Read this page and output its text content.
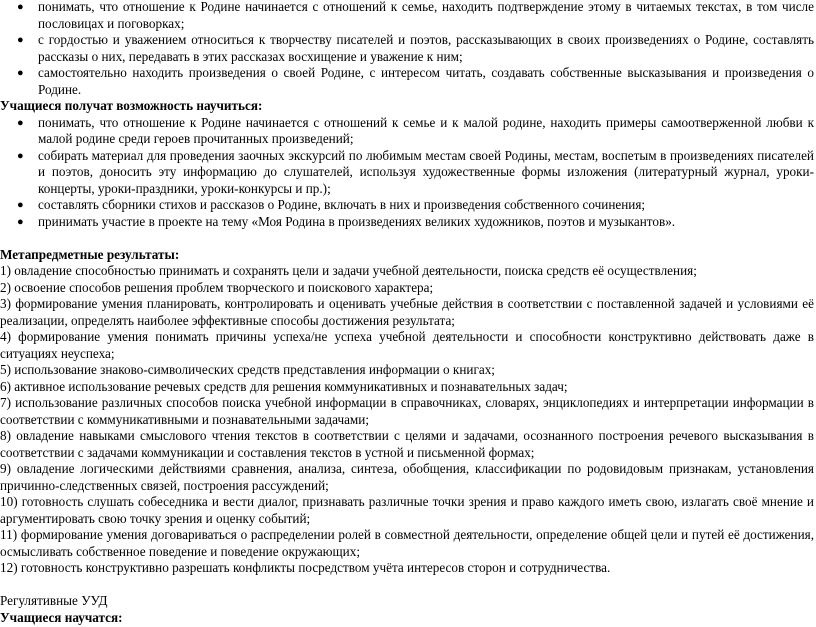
● понимать, что отношение к Родине начинается с отношений к семье, находить подтверждение этому в читаемых текстах, в том числе пословицах и поговорках;

● с гордостью и уважением относиться к творчеству писателей и поэтов, рассказывающих в своих произведениях о Родине, составлять рассказы о них, передавать в этих рассказах восхищение и уважение к ним;

● самостоятельно находить произведения о своей Родине, с интересом читать, создавать собственные высказывания и произведения о Родине.

Учащиеся получат возможность научиться:

● понимать, что отношение к Родине начинается с отношений к семье и к малой родине, находить примеры самоотверженной любви к малой родине среди героев прочитанных произведений;

● собирать материал для проведения заочных экскурсий по любимым местам своей Родины, местам, воспетым в произведениях писателей и поэтов, доносить эту информацию до слушателей, используя художественные формы изложения (литературный журнал, уроки-концерты, уроки-праздники, уроки-конкурсы и пр.);

● составлять сборники стихов и рассказов о Родине, включать в них и произведения собственного сочинения;

● принимать участие в проекте на тему «Моя Родина в произведениях великих художников, поэтов и музыкантов».

Метапредметные результаты:

1) овладение способностью принимать и сохранять цели и задачи учебной деятельности, поиска средств её осуществления;

2) освоение способов решения проблем творческого и поискового характера;

3) формирование умения планировать, контролировать и оценивать учебные действия в соответствии с поставленной задачей и условиями её реализации, определять наиболее эффективные способы достижения результата;

4) формирование умения понимать причины успеха/не успеха учебной деятельности и способности конструктивно действовать даже в ситуациях неуспеха;

5) использование знаково-символических средств представления информации о книгах;

6) активное использование речевых средств для решения коммуникативных и познавательных задач;

7) использование различных способов поиска учебной информации в справочниках, словарях, энциклопедиях и интерпретации информации в соответствии с коммуникативными и познавательными задачами;

8) овладение навыками смыслового чтения текстов в соответствии с целями и задачами, осознанного построения речевого высказывания в соответствии с задачами коммуникации и составления текстов в устной и письменной формах;

9) овладение логическими действиями сравнения, анализа, синтеза, обобщения, классификации по родовидовым признакам, установления причинно-следственных связей, построения рассуждений;

10) готовность слушать собеседника и вести диалог, признавать различные точки зрения и право каждого иметь свою, излагать своё мнение и аргументировать свою точку зрения и оценку событий;

11) формирование умения договариваться о распределении ролей в совместной деятельности, определение общей цели и путей её достижения, осмысливать собственное поведение и поведение окружающих;

12) готовность конструктивно разрешать конфликты посредством учёта интересов сторон и сотрудничества.

Регулятивные УУД

Учащиеся научатся:
